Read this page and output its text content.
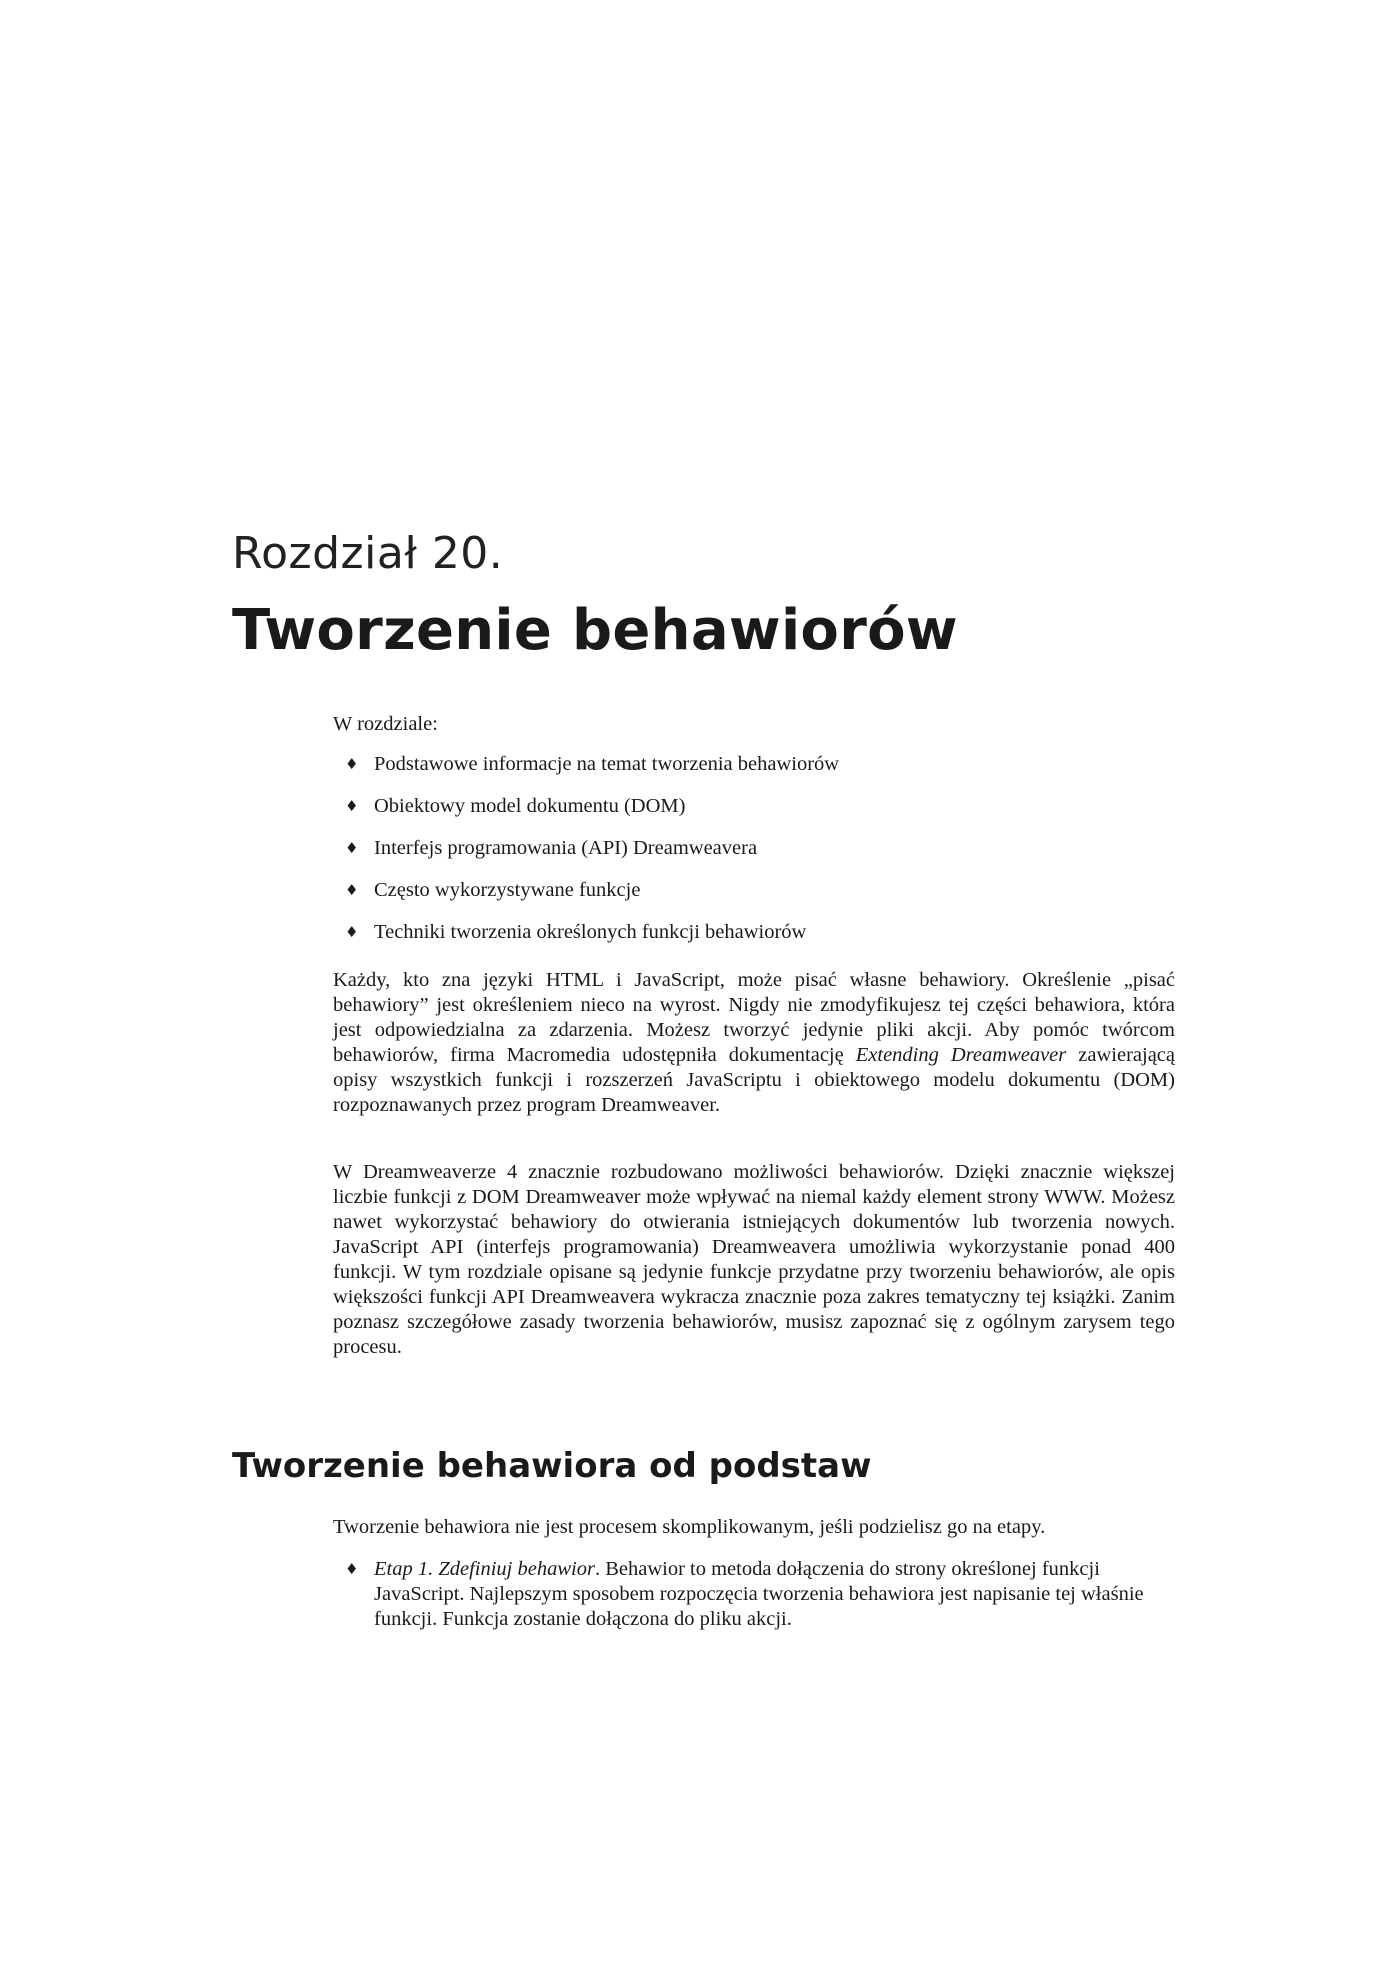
Rozdział 20.
Tworzenie behawiorów

W rozdziale:

♦ Podstawowe informacje na temat tworzenia behawiorów
♦ Obiektowy model dokumentu (DOM)
♦ Interfejs programowania (API) Dreamweavera
♦ Często wykorzystywane funkcje
♦ Techniki tworzenia określonych funkcji behawiorów

Każdy, kto zna języki HTML i JavaScript, może pisać własne behawiory. Określenie „pisać behawiory” jest określeniem nieco na wyrost. Nigdy nie zmodyfikujesz tej części behawiora, która jest odpowiedzialna za zdarzenia. Możesz tworzyć jedynie pliki akcji. Aby pomóc twórcom behawiorów, firma Macromedia udostępniła dokumentację Extending Dreamweaver zawierającą opisy wszystkich funkcji i rozszerzeń JavaScriptu i obiektowego modelu dokumentu (DOM) rozpoznawanych przez program Dreamweaver.

W Dreamweaverze 4 znacznie rozbudowano możliwości behawiorów. Dzięki znacznie większej liczbie funkcji z DOM Dreamweaver może wpływać na niemal każdy element strony WWW. Możesz nawet wykorzystać behawiory do otwierania istniejących dokumentów lub tworzenia nowych. JavaScript API (interfejs programowania) Dreamweavera umożliwia wykorzystanie ponad 400 funkcji. W tym rozdziale opisane są jedynie funkcje przydatne przy tworzeniu behawiorów, ale opis większości funkcji API Dreamweavera wykracza znacznie poza zakres tematyczny tej książki. Zanim poznasz szczegółowe zasady tworzenia behawiorów, musisz zapoznać się z ogólnym zarysem tego procesu.

Tworzenie behawiora od podstaw

Tworzenie behawiora nie jest procesem skomplikowanym, jeśli podzielisz go na etapy.

♦ Etap 1. Zdefiniuj behawior. Behawior to metoda dołączenia do strony określonej funkcji JavaScript. Najlepszym sposobem rozpoczęcia tworzenia behawiora jest napisanie tej właśnie funkcji. Funkcja zostanie dołączona do pliku akcji.
